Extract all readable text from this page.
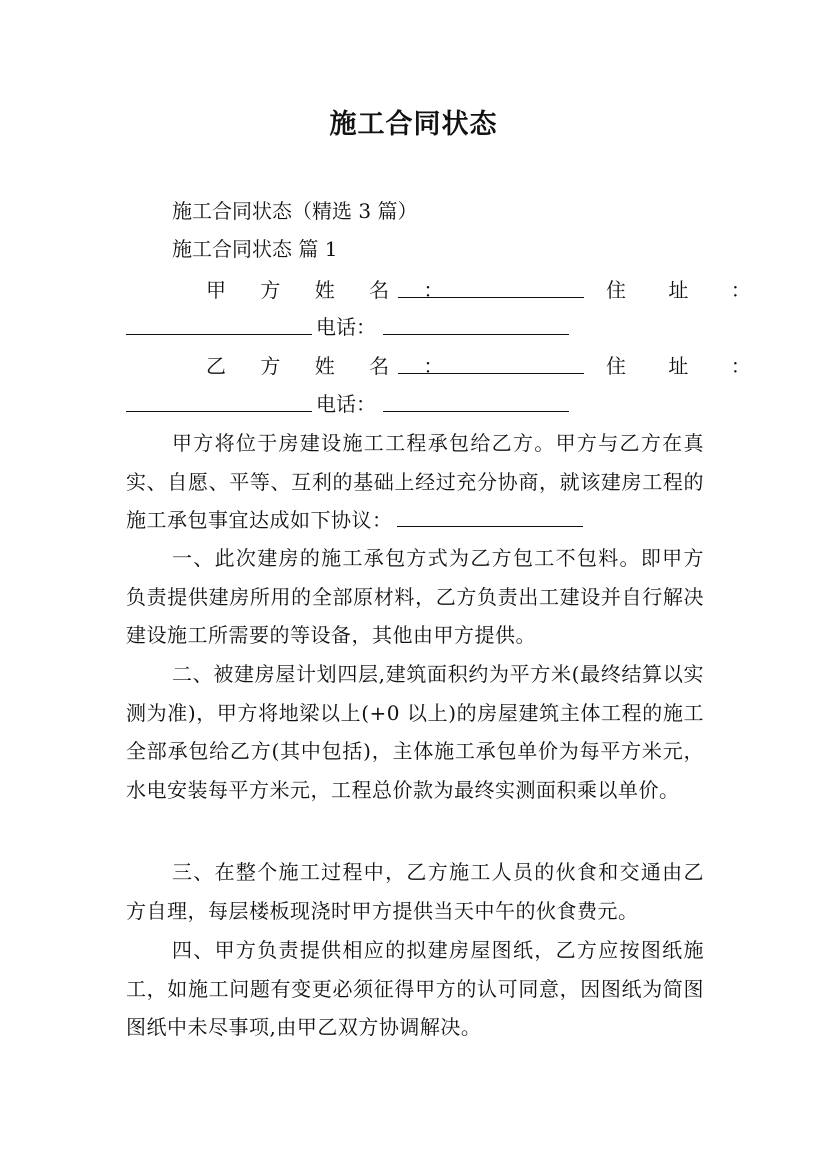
施工合同状态
施工合同状态（精选 3 篇）
施工合同状态 篇 1
甲 方 姓 名 ：	住 址 ：
电话：
乙 方 姓 名 ：	住 址 ：
电话：
甲方将位于房建设施工工程承包给乙方。甲方与乙方在真实、自愿、平等、互利的基础上经过充分协商，就该建房工程的施工承包事宜达成如下协议：
一、此次建房的施工承包方式为乙方包工不包料。即甲方负责提供建房所用的全部原材料，乙方负责出工建设并自行解决建设施工所需要的等设备，其他由甲方提供。
二、被建房屋计划四层,建筑面积约为平方米(最终结算以实测为准)，甲方将地梁以上(+0 以上)的房屋建筑主体工程的施工全部承包给乙方(其中包括)，主体施工承包单价为每平方米元，水电安装每平方米元，工程总价款为最终实测面积乘以单价。
三、在整个施工过程中，乙方施工人员的伙食和交通由乙方自理，每层楼板现浇时甲方提供当天中午的伙食费元。
四、甲方负责提供相应的拟建房屋图纸，乙方应按图纸施工，如施工问题有变更必须征得甲方的认可同意，因图纸为简图图纸中未尽事项,由甲乙双方协调解决。
